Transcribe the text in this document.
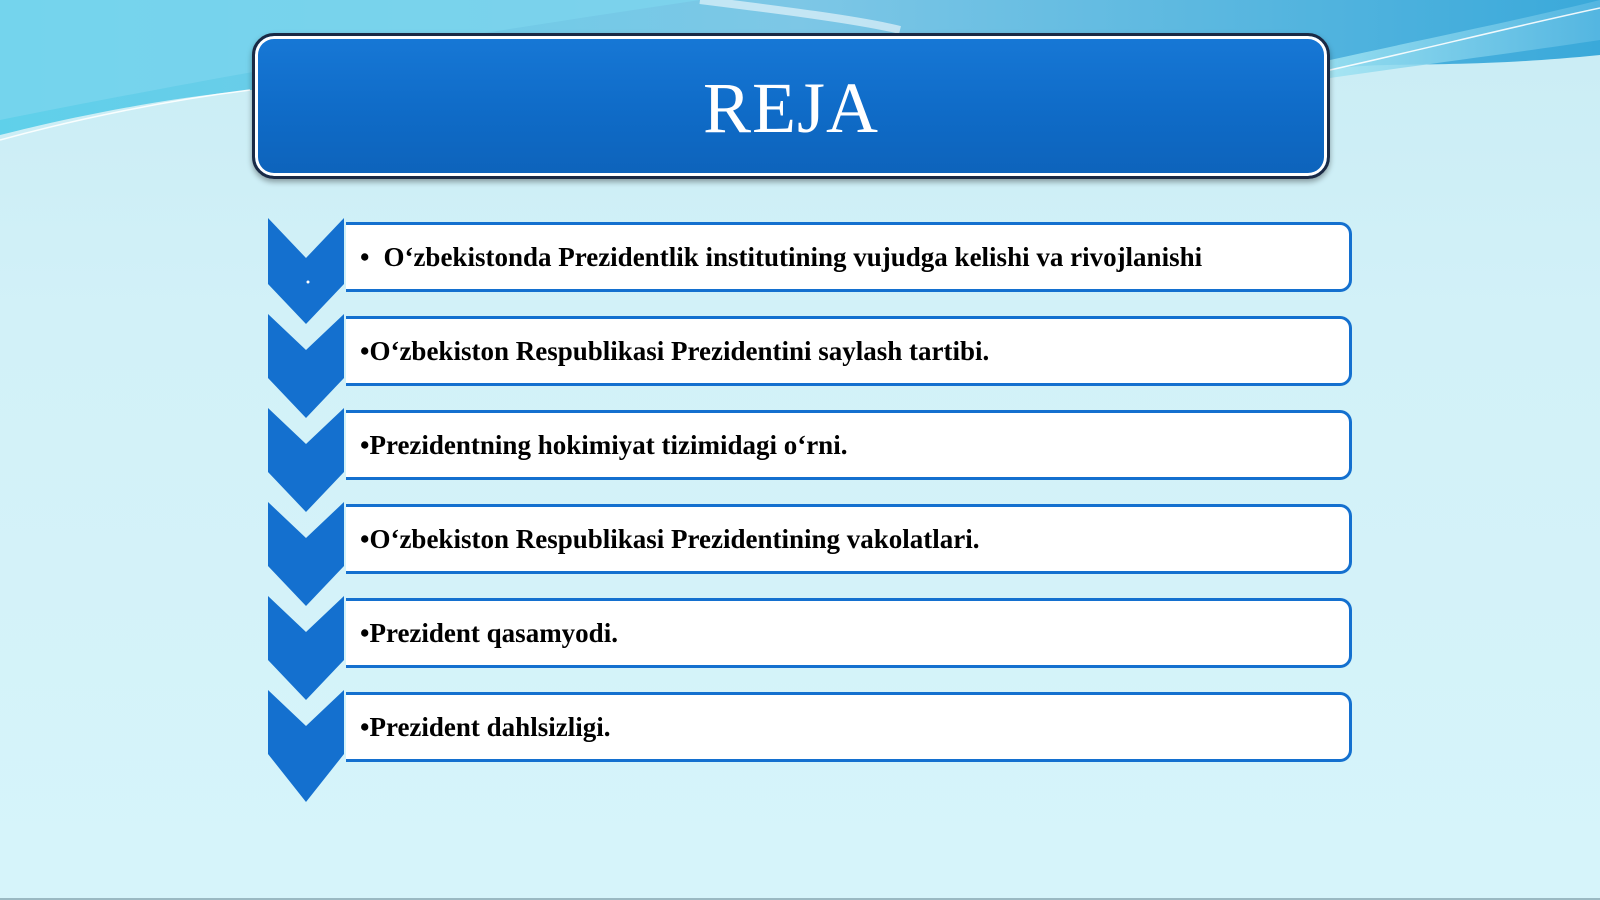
REJA
• O‘zbekistonda Prezidentlik institutining vujudga kelishi va rivojlanishi
• O‘zbekiston Respublikasi Prezidentini saylash tartibi.
• Prezidentning hokimiyat tizimidagi o‘rni.
• O‘zbekiston Respublikasi Prezidentining vakolatlari.
• Prezident qasamyodi.
• Prezident dahlsizligi.
